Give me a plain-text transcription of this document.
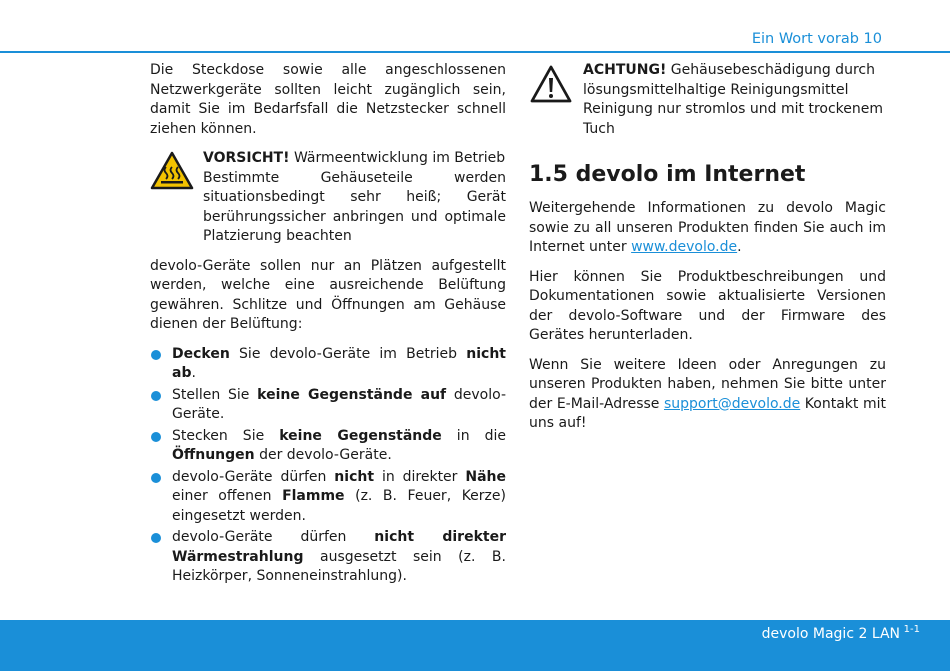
Ein Wort vorab 10

Die Steckdose sowie alle angeschlossenen Netzwerkgeräte sollten leicht zugänglich sein, damit Sie im Bedarfsfall die Netzstecker schnell ziehen können.

VORSICHT! Wärmeentwicklung im Betrieb

Bestimmte Gehäuseteile werden situationsbedingt sehr heiß; Gerät berührungssicher anbringen und optimale Platzierung beachten

devolo-Geräte sollen nur an Plätzen aufgestellt werden, welche eine ausreichende Belüftung gewähren. Schlitze und Öffnungen am Gehäuse dienen der Belüftung:

Decken Sie devolo-Geräte im Betrieb nicht ab.
Stellen Sie keine Gegenstände auf devolo-Geräte.
Stecken Sie keine Gegenstände in die Öffnungen der devolo-Geräte.
devolo-Geräte dürfen nicht in direkter Nähe einer offenen Flamme (z. B. Feuer, Kerze) eingesetzt werden.
devolo-Geräte dürfen nicht direkter Wärmestrahlung ausgesetzt sein (z. B. Heizkörper, Sonneneinstrahlung).

ACHTUNG! Gehäusebeschädigung durch

lösungsmittelhaltige Reinigungsmittel Reinigung nur stromlos und mit trockenem Tuch

1.5 devolo im Internet

Weitergehende Informationen zu devolo Magic sowie zu all unseren Produkten finden Sie auch im Internet unter www.devolo.de.

Hier können Sie Produktbeschreibungen und Dokumentationen sowie aktualisierte Versionen der devolo-Software und der Firmware des Gerätes herunterladen.

Wenn Sie weitere Ideen oder Anregungen zu unseren Produkten haben, nehmen Sie bitte unter der E-Mail-Adresse support@devolo.de Kontakt mit uns auf!

devolo Magic 2 LAN 1-1
